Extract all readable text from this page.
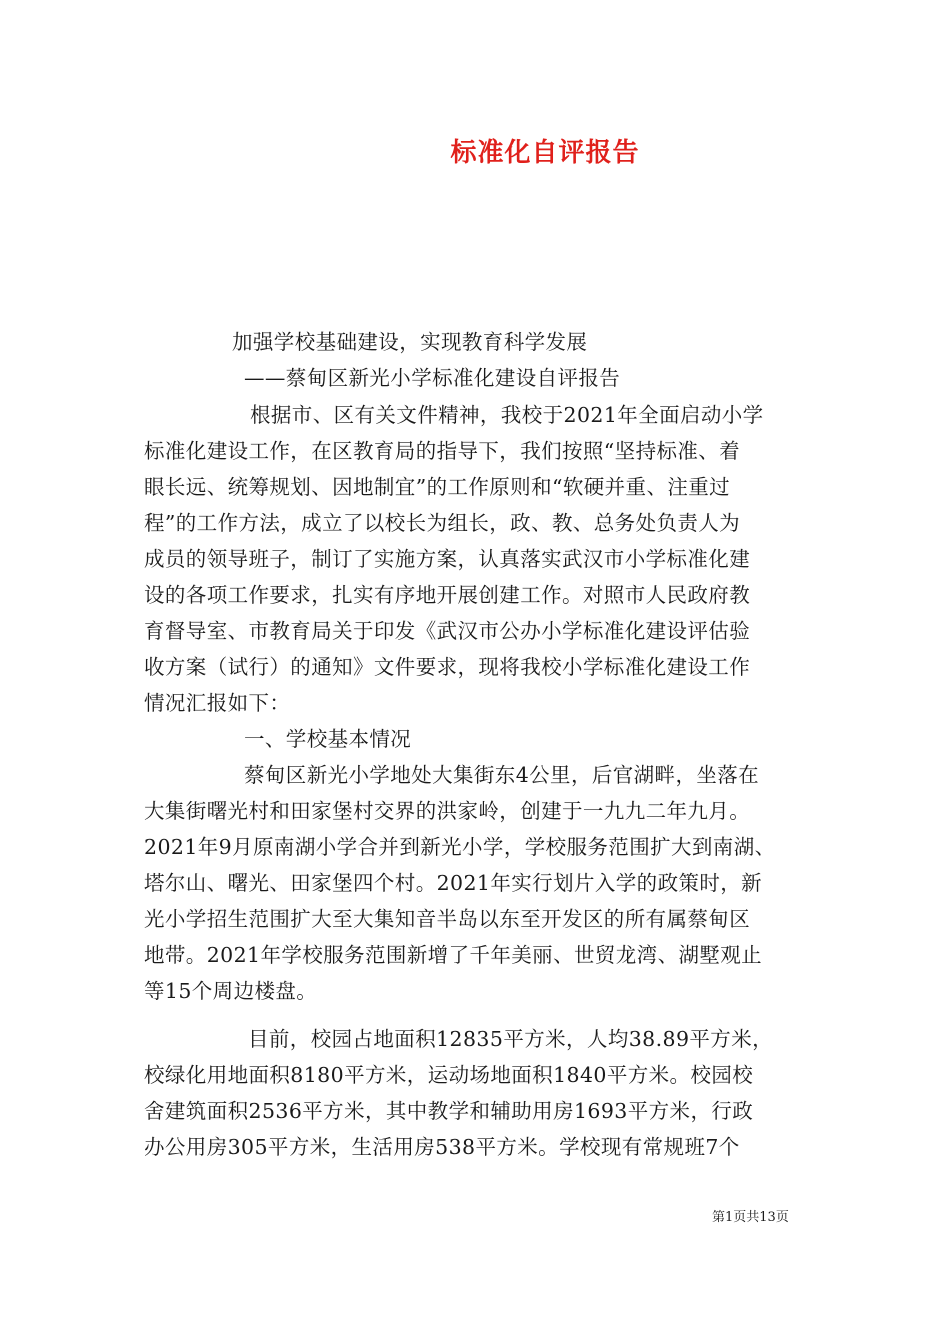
标准化自评报告
加强学校基础建设，实现教育科学发展
——蔡甸区新光小学标准化建设自评报告
根据市、区有关文件精神，我校于2021年全面启动小学
标准化建设工作，在区教育局的指导下，我们按照“坚持标准、着
眼长远、统筹规划、因地制宜”的工作原则和“软硬并重、注重过
程”的工作方法，成立了以校长为组长，政、教、总务处负责人为
成员的领导班子，制订了实施方案，认真落实武汉市小学标准化建
设的各项工作要求，扎实有序地开展创建工作。对照市人民政府教
育督导室、市教育局关于印发《武汉市公办小学标准化建设评估验
收方案（试行）的通知》文件要求，现将我校小学标准化建设工作
情况汇报如下：
一、学校基本情况
蔡甸区新光小学地处大集街东4公里，后官湖畔，坐落在
大集街曙光村和田家堡村交界的洪家岭，创建于一九九二年九月。
2021年9月原南湖小学合并到新光小学，学校服务范围扩大到南湖、
塔尔山、曙光、田家堡四个村。2021年实行划片入学的政策时，新
光小学招生范围扩大至大集知音半岛以东至开发区的所有属蔡甸区
地带。2021年学校服务范围新增了千年美丽、世贸龙湾、湖墅观止
等15个周边楼盘。
目前，校园占地面积12835平方米，人均38.89平方米，
校绿化用地面积8180平方米，运动场地面积1840平方米。校园校
舍建筑面积2536平方米，其中教学和辅助用房1693平方米，行政
办公用房305平方米，生活用房538平方米。学校现有常规班7个
第1页共13页
